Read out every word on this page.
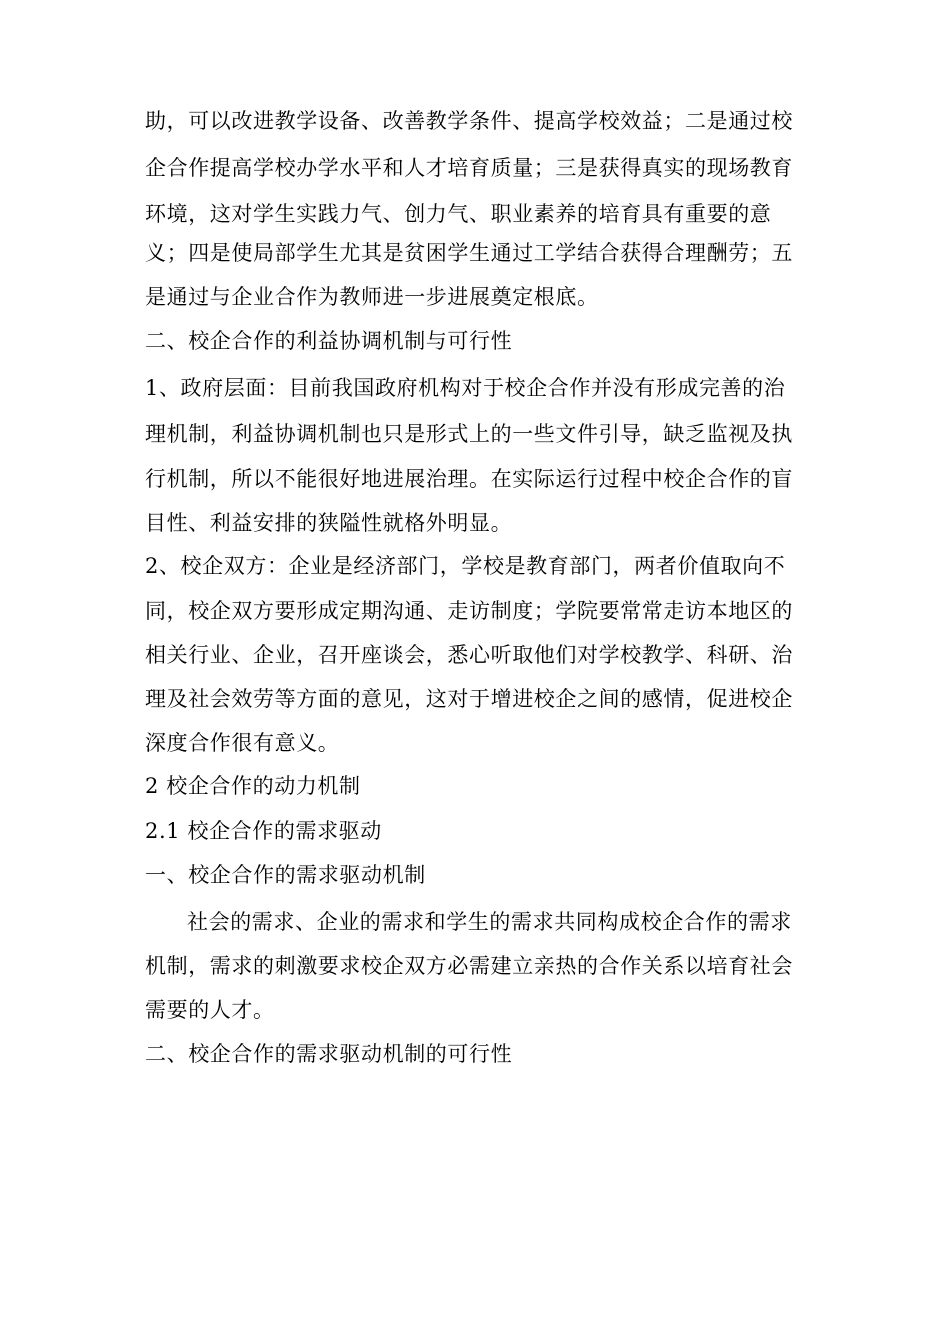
助，可以改进教学设备、改善教学条件、提高学校效益；二是通过校
企合作提高学校办学水平和人才培育质量；三是获得真实的现场教育
环境，这对学生实践力气、创力气、职业素养的培育具有重要的意
义；四是使局部学生尤其是贫困学生通过工学结合获得合理酬劳；五
是通过与企业合作为教师进一步进展奠定根底。
二、校企合作的利益协调机制与可行性
1、政府层面：目前我国政府机构对于校企合作并没有形成完善的治
理机制，利益协调机制也只是形式上的一些文件引导，缺乏监视及执
行机制，所以不能很好地进展治理。在实际运行过程中校企合作的盲
目性、利益安排的狭隘性就格外明显。
2、校企双方：企业是经济部门，学校是教育部门，两者价值取向不
同，校企双方要形成定期沟通、走访制度；学院要常常走访本地区的
相关行业、企业，召开座谈会，悉心听取他们对学校教学、科研、治
理及社会效劳等方面的意见，这对于增进校企之间的感情，促进校企
深度合作很有意义。
2 校企合作的动力机制
2.1 校企合作的需求驱动
一、校企合作的需求驱动机制
社会的需求、企业的需求和学生的需求共同构成校企合作的需求
机制，需求的刺激要求校企双方必需建立亲热的合作关系以培育社会
需要的人才。
二、校企合作的需求驱动机制的可行性
